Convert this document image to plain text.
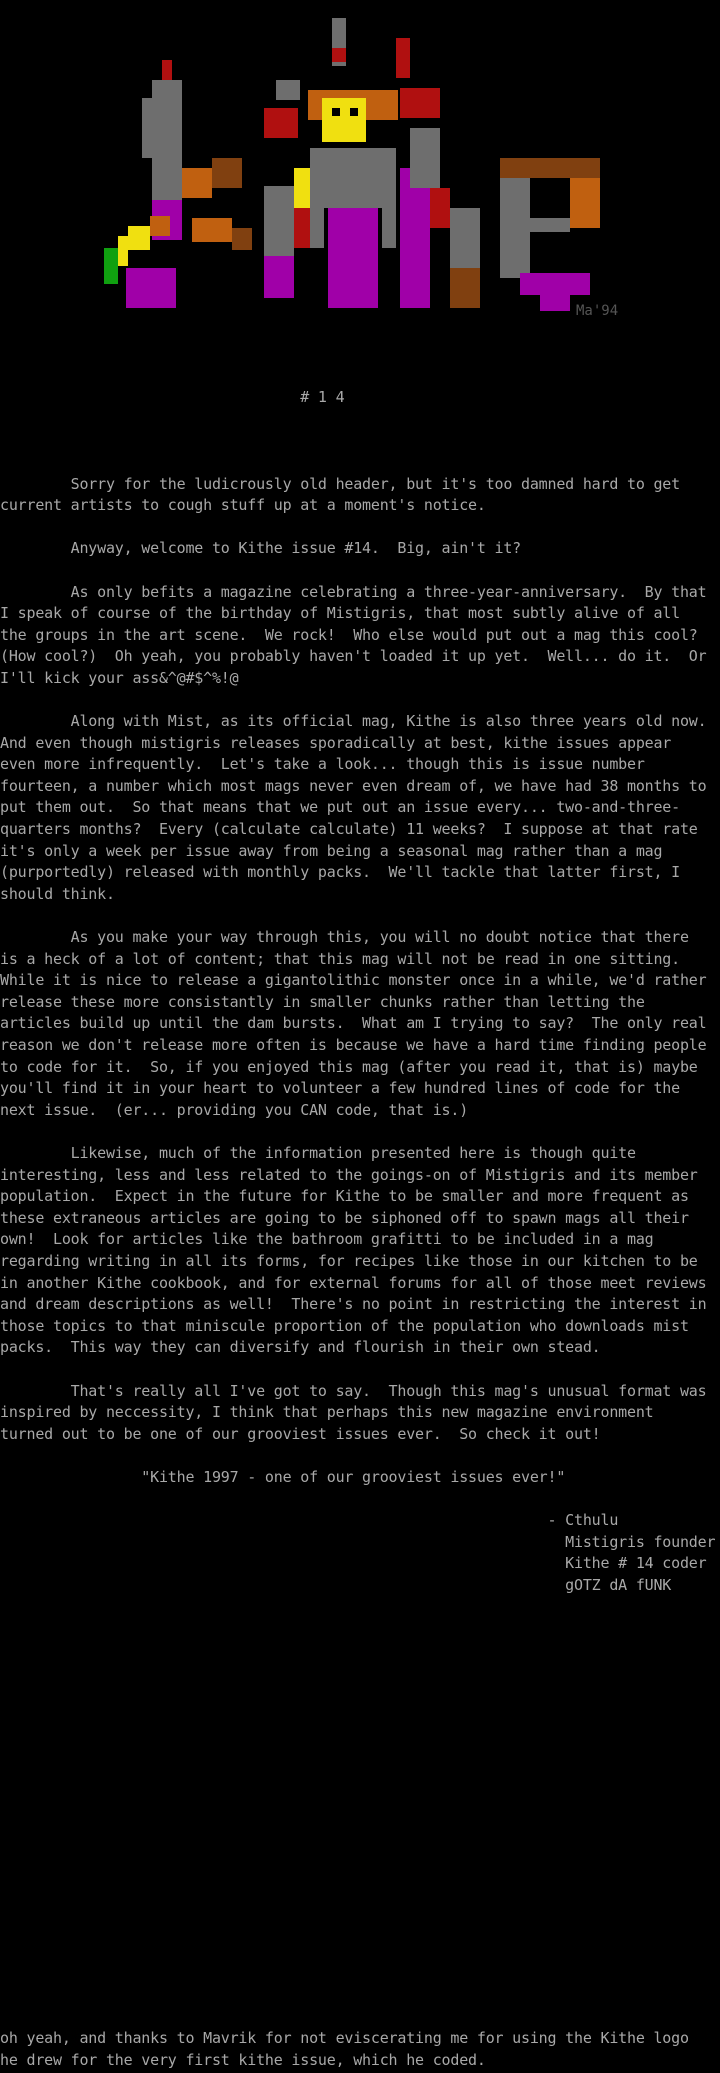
Ma'94

# 1 4

Sorry for the ludicrously old header, but it's too damned hard to get
current artists to cough stuff up at a moment's notice.

Anyway, welcome to Kithe issue #14.  Big, ain't it?

As only befits a magazine celebrating a three-year-anniversary.  By that
I speak of course of the birthday of Mistigris, that most subtly alive of all
the groups in the art scene.  We rock!  Who else would put out a mag this cool?
(How cool?)  Oh yeah, you probably haven't loaded it up yet.  Well... do it.  Or
I'll kick your ass&^@#$^%!@

Along with Mist, as its official mag, Kithe is also three years old now.
And even though mistigris releases sporadically at best, kithe issues appear
even more infrequently.  Let's take a look... though this is issue number
fourteen, a number which most mags never even dream of, we have had 38 months to
put them out.  So that means that we put out an issue every... two-and-three-
quarters months?  Every (calculate calculate) 11 weeks?  I suppose at that rate
it's only a week per issue away from being a seasonal mag rather than a mag
(purportedly) released with monthly packs.  We'll tackle that latter first, I
should think.

As you make your way through this, you will no doubt notice that there
is a heck of a lot of content; that this mag will not be read in one sitting.
While it is nice to release a gigantolithic monster once in a while, we'd rather
release these more consistantly in smaller chunks rather than letting the
articles build up until the dam bursts.  What am I trying to say?  The only real
reason we don't release more often is because we have a hard time finding people
to code for it.  So, if you enjoyed this mag (after you read it, that is) maybe
you'll find it in your heart to volunteer a few hundred lines of code for the
next issue.  (er... providing you CAN code, that is.)

Likewise, much of the information presented here is though quite
interesting, less and less related to the goings-on of Mistigris and its member
population.  Expect in the future for Kithe to be smaller and more frequent as
these extraneous articles are going to be siphoned off to spawn mags all their
own!  Look for articles like the bathroom grafitti to be included in a mag
regarding writing in all its forms, for recipes like those in our kitchen to be
in another Kithe cookbook, and for external forums for all of those meet reviews
and dream descriptions as well!  There's no point in restricting the interest in
those topics to that miniscule proportion of the population who downloads mist
packs.  This way they can diversify and flourish in their own stead.

That's really all I've got to say.  Though this mag's unusual format was
inspired by neccessity, I think that perhaps this new magazine environment
turned out to be one of our grooviest issues ever.  So check it out!

"Kithe 1997 - one of our grooviest issues ever!"

- Cthulu
Mistigris founder
Kithe # 14 coder
gOTZ dA fUNK

oh yeah, and thanks to Mavrik for not eviscerating me for using the Kithe logo
he drew for the very first kithe issue, which he coded.
